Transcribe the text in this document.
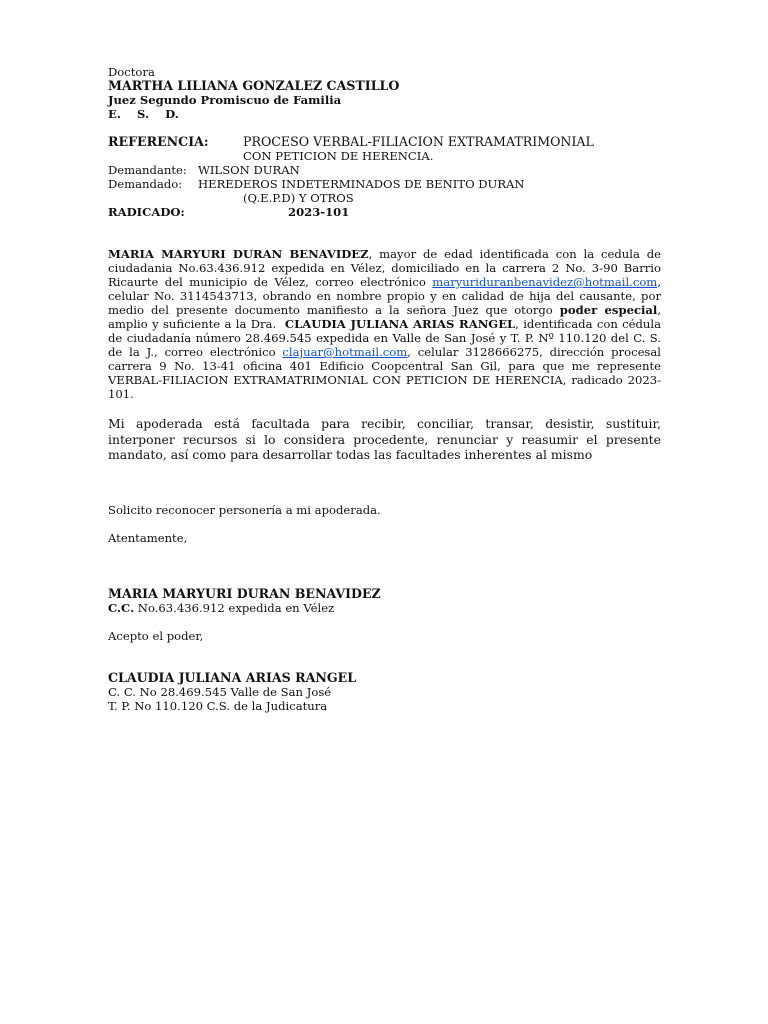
Doctora
MARTHA LILIANA GONZALEZ CASTILLO
Juez Segundo Promiscuo de Familia
E.    S.    D.
REFERENCIA:	PROCESO VERBAL-FILIACION EXTRAMATRIMONIAL
CON PETICION DE HERENCIA.
Demandante: WILSON DURAN
Demandado: HEREDEROS INDETERMINADOS DE BENITO DURAN
(Q.E.P.D) Y OTROS
RADICADO:	2023-101
MARIA MARYURI DURAN BENAVIDEZ, mayor de edad identificada con la cedula de ciudadania No.63.436.912 expedida en Vélez, domiciliado en la carrera 2 No. 3-90 Barrio Ricaurte del municipio de Vélez, correo electrónico maryuriduranbenavidez@hotmail.com, celular No. 3114543713, obrando en nombre propio y en calidad de hija del causante, por medio del presente documento manifiesto a la señora Juez que otorgo poder especial, amplio y suficiente a la Dra.  CLAUDIA JULIANA ARIAS RANGEL, identificada con cédula de ciudadanía número 28.469.545 expedida en Valle de San José y T. P. Nº 110.120 del C. S. de la J., correo electrónico clajuar@hotmail.com, celular 3128666275, dirección procesal carrera 9 No. 13-41 oficina 401 Edificio Coopcentral San Gil, para que me represente VERBAL-FILIACION EXTRAMATRIMONIAL CON PETICION DE HERENCIA, radicado 2023-101.
Mi apoderada está facultada para recibir, conciliar, transar, desistir, sustituir, interponer recursos si lo considera procedente, renunciar y reasumir el presente mandato, así como para desarrollar todas las facultades inherentes al mismo
Solicito reconocer personería a mi apoderada.
Atentamente,
MARIA MARYURI DURAN BENAVIDEZ
C.C. No.63.436.912 expedida en Vélez
Acepto el poder,
CLAUDIA JULIANA ARIAS RANGEL
C. C. No 28.469.545 Valle de San José
T. P. No 110.120 C.S. de la Judicatura
